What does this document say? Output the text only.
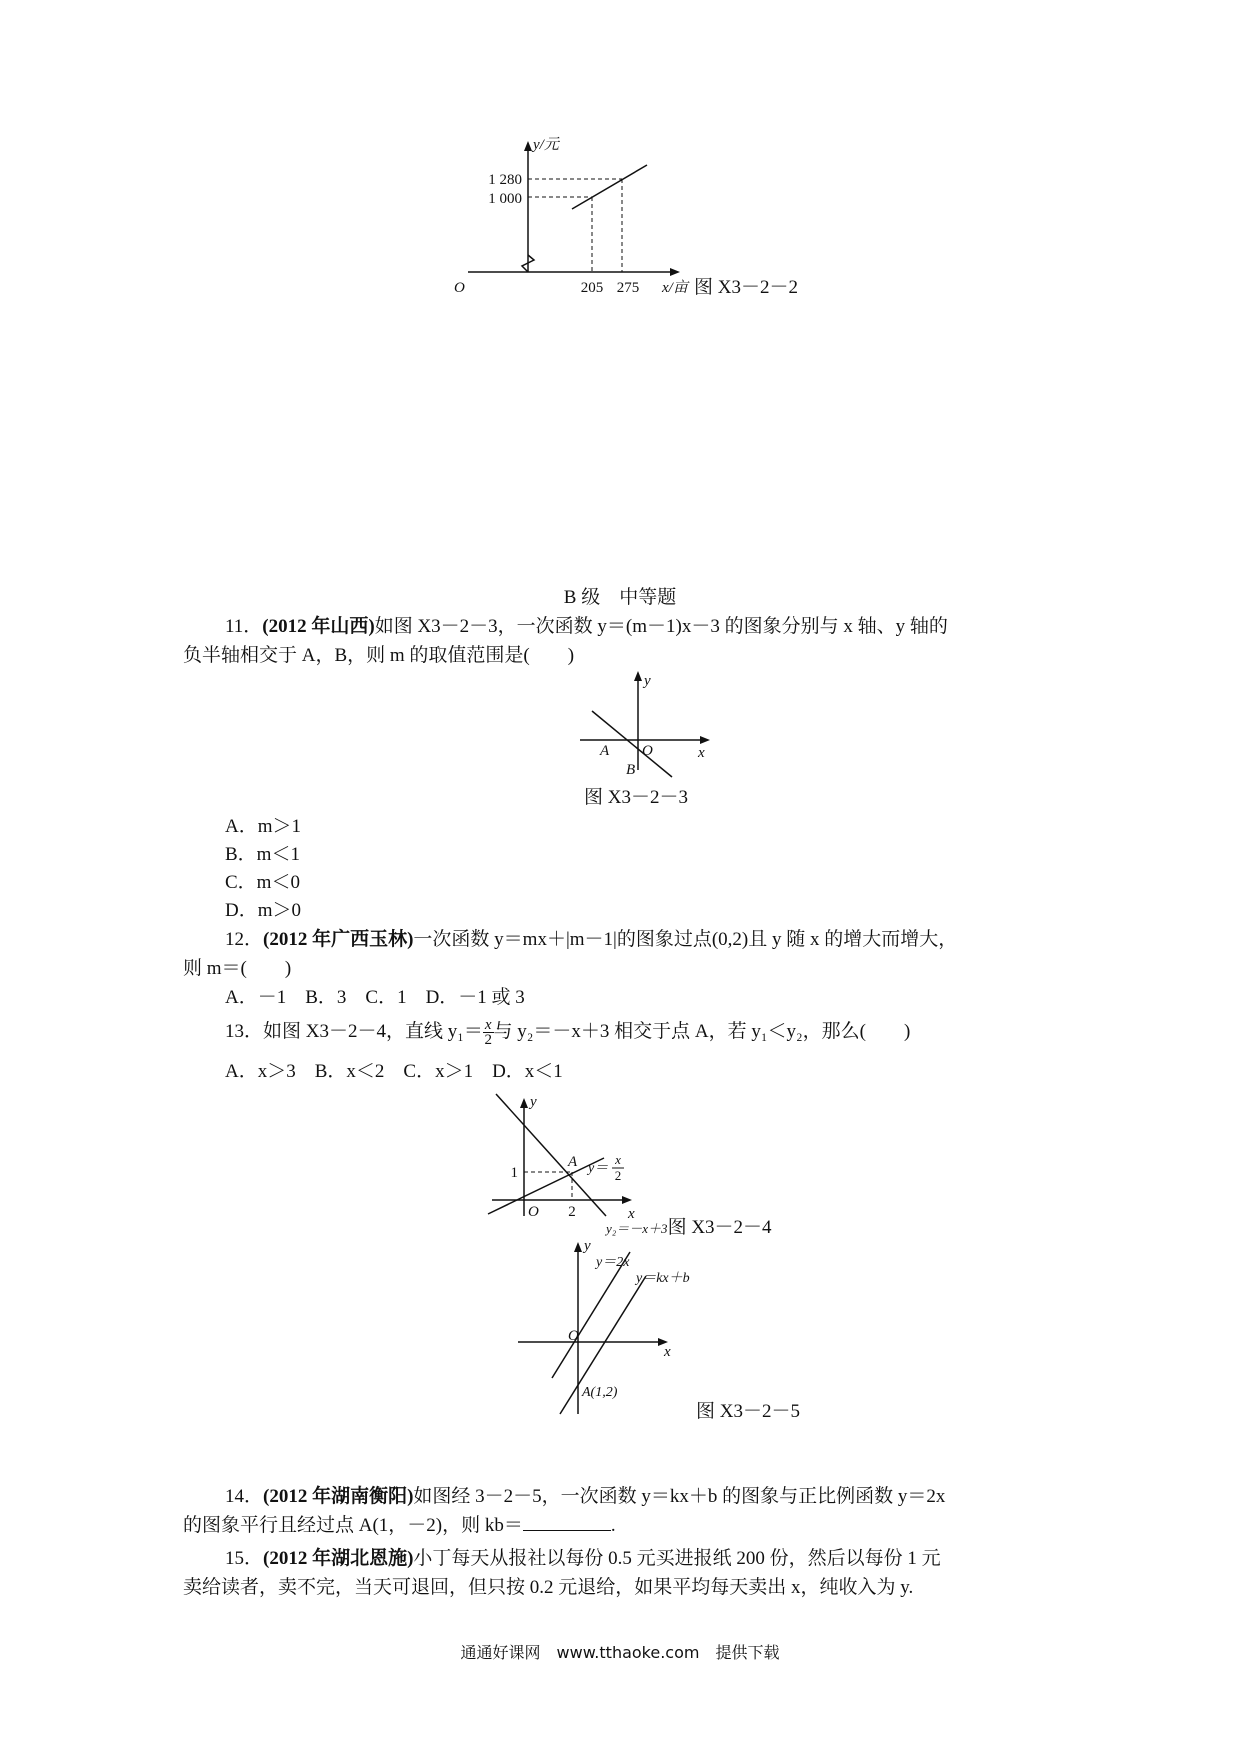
y/元
1 280
1 000
O	205 275 x/亩 图 X3－2－2
B 级　中等题
11．(2012 年山西)如图 X3－2－3，一次函数 y＝(m－1)x－3 的图象分别与 x 轴、y 轴的
负半轴相交于 A，B，则 m 的取值范围是(　　)
y
A O	x
B
图 X3－2－3
A．m＞1
B．m＜1
C．m＜0
D．m＞0
12．(2012 年广西玉林)一次函数 y＝mx＋|m－1|的图象过点(0,2)且 y 随 x 的增大而增大，
则 m＝(　　)
A．－1　B．3　C．1　D．－1 或 3
13．如图 X3－2－4，直线 $y_1= \frac{x}{2}$ 与 y₂＝－x＋3 相交于点 A，若 y₁＜y₂，那么(　　)
A．x＞3　B．x＜2　C．x＞1　D．x＜1
y
A y＝
x
2
1
x
O 2
y₂＝－x＋3图 X3－2－4
y
y＝2x
y＝kx＋b
O
x
A(1,2)
图 X3－2－5
14．(2012 年湖南衡阳)如图经 3－2－5，一次函数 y＝kx＋b 的图象与正比例函数 y＝2x
的图象平行且经过点 A(1，－2)，则 kb＝	.
15．(2012 年湖北恩施)小丁每天从报社以每份 0.5 元买进报纸 200 份，然后以每份 1 元
卖给读者，卖不完，当天可退回，但只按 0.2 元退给，如果平均每天卖出 x，纯收入为 y.
通通好课网　www.tthaoke.com　提供下载
